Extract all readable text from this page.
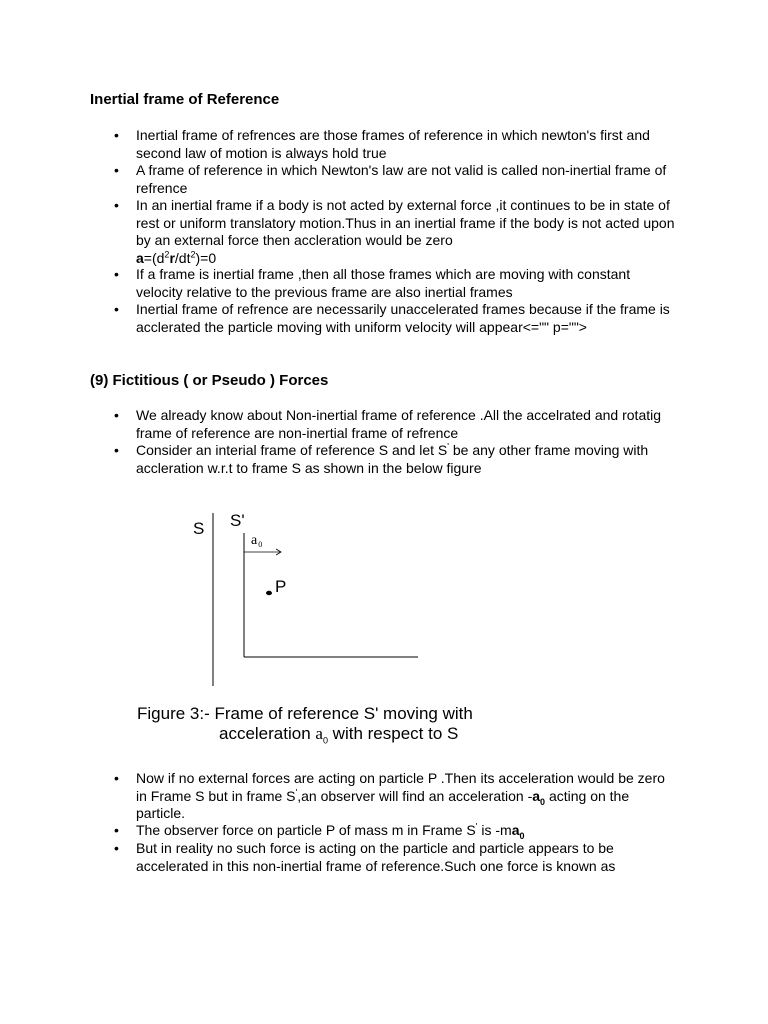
Inertial frame of Reference
• Inertial frame of refrences are those frames of reference in which newton's first and second law of motion is always hold true
• A frame of reference in which Newton's law are not valid is called non-inertial frame of refrence
• In an inertial frame if a body is not acted by external force ,it continues to be in state of rest or uniform translatory motion.Thus in an inertial frame if the body is not acted upon by an external force then accleration would be zero
$a=(d^2r/dt^2)=0$
• If a frame is inertial frame ,then all those frames which are moving with constant velocity relative to the previous frame are also inertial frames
• Inertial frame of refrence are necessarily unaccelerated frames because if the frame is acclerated the particle moving with uniform velocity will appear<="" p="">
(9) Fictitious ( or Pseudo ) Forces
• We already know about Non-inertial frame of reference .All the accelrated and rotatig frame of reference are non-inertial frame of refrence
• Consider an interial frame of reference S and let S' be any other frame moving with accleration w.r.t to frame S as shown in the below figure
S S'
$a_0$
P
Figure 3:- Frame of reference S' moving with
acceleration $a_0$ with respect to S
• Now if no external forces are acting on particle P .Then its acceleration would be zero in Frame S but in frame S',an observer will find an acceleration $-a_0$ acting on the particle.
• The observer force on particle P of mass m in Frame S' is $-ma_0$
• But in reality no such force is acting on the particle and particle appears to be accelerated in this non-inertial frame of reference.Such one force is known as
